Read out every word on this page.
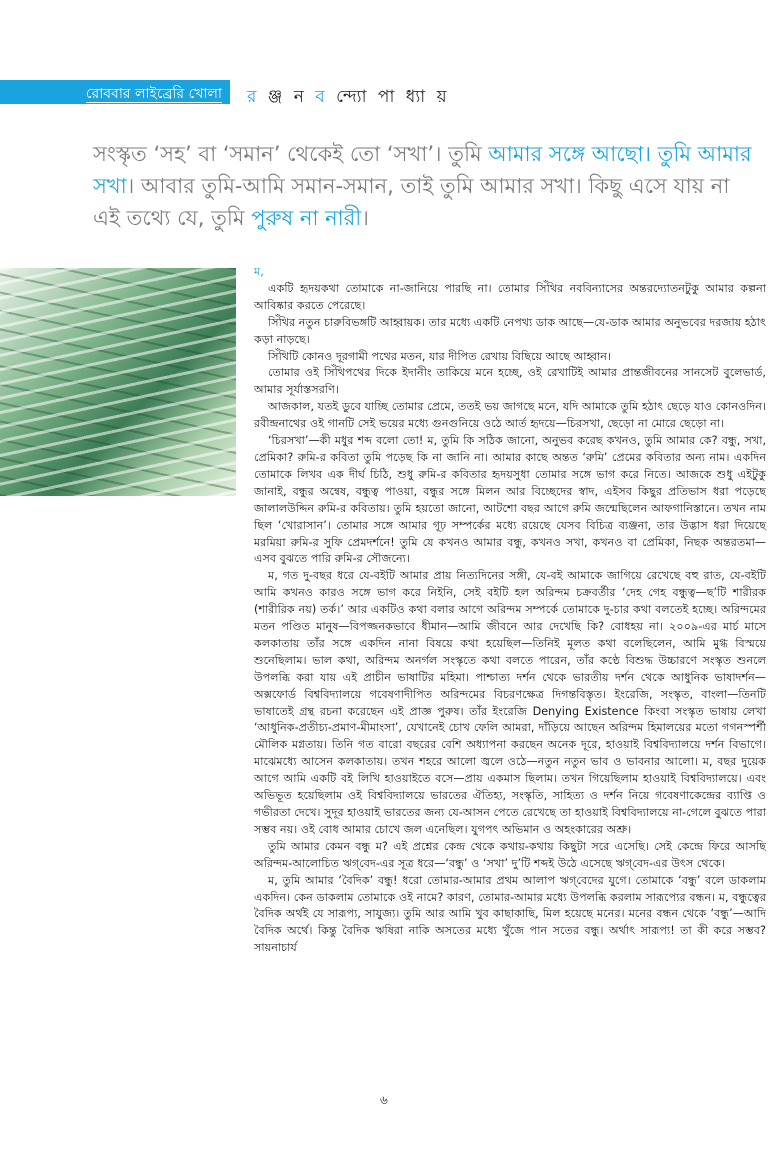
রোববার লাইব্রেরি খোলা র ঞ্জ ন ব ন্দ্যো পা ধ্যা য়
সংস্কৃত ‘সহ’ বা ‘সমান’ থেকেই তো ‘সখা’। তুমি আমার সঙ্গে আছো। তুমি আমার সখা। আবার তুমি-আমি সমান-সমান, তাই তুমি আমার সখা। কিছু এসে যায় না এই তথ্যে যে, তুমি পুরুষ না নারী।

ম,

একটি হৃদয়কথা তোমাকে না-জানিয়ে পারছি না। তোমার সিঁথির নববিন্যাসের অন্তরদ্যোতনটুকু আমার কল্পনা আবিষ্কার করতে পেরেছে।

সিঁথির নতুন চারুবিভঙ্গটি আহ্বায়ক। তার মধ্যে একটি নেপথ্য ডাক আছে—যে-ডাক আমার অনুভবের দরজায় হঠাৎ কড়া নাড়ছে।

সিঁথিটি কোনও দূরগামী পথের মতন, যার দীপিত রেখায় বিছিয়ে আছে আহ্বান।

তোমার ওই সিঁথিপথের দিকে ইদানীং তাকিয়ে মনে হচ্ছে, ওই রেখাটিই আমার প্রান্তজীবনের সানসেট বুলেভার্ড, আমার সূর্যাস্তসরণি।

আজকাল, যতই ডুবে যাচ্ছি তোমার প্রেমে, ততই ভয় জাগছে মনে, যদি আমাকে তুমি হঠাৎ ছেড়ে যাও কোনওদিন। রবীন্দ্রনাথের ওই গানটি সেই ভয়ের মধ্যে গুনগুনিয়ে ওঠে আর্ত হৃদয়ে—চিরসখা, ছেড়ো না মোরে ছেড়ো না।

‘চিরসখা’—কী মধুর শব্দ বলো তো! ম, তুমি কি সঠিক জানো, অনুভব করেছ কখনও, তুমি আমার কে? বন্ধু, সখা, প্রেমিকা? রুমি-র কবিতা তুমি পড়েছ কি না জানি না। আমার কাছে অন্তত ‘রুমি’ প্রেমের কবিতার অন্য নাম। একদিন তোমাকে লিখব এক দীর্ঘ চিঠি, শুধু রুমি-র কবিতার হৃদয়সুধা তোমার সঙ্গে ভাগ করে নিতে। আজকে শুধু এইটুকু জানাই, বন্ধুর অন্বেষ, বন্ধুত্ব পাওয়া, বন্ধুর সঙ্গে মিলন আর বিচ্ছেদের স্বাদ, এইসব কিছুর প্রতিভাস ধরা পড়েছে জালালউদ্দিন রুমি-র কবিতায়। তুমি হয়তো জানো, আটশো বছর আগে রুমি জন্মেছিলেন আফগানিস্তানে। তখন নাম ছিল ‘খোরাসান’। তোমার সঙ্গে আমার গূঢ় সম্পর্কের মধ্যে রয়েছে যেসব বিচিত্র ব্যঞ্জনা, তার উদ্ভাস ধরা দিয়েছে মরমিয়া রুমি-র সুফি প্রেমদর্শনে! তুমি যে কখনও আমার বন্ধু, কখনও সখা, কখনও বা প্রেমিকা, নিছক অন্তরতমা—এসব বুঝতে পারি রুমি-র সৌজন্যে।

ম, গত দু-বছর ধরে যে-বইটি আমার প্রায় নিত্যদিনের সঙ্গী, যে-বই আমাকে জাগিয়ে রেখেছে বহু রাত, যে-বইটি আমি কখনও কারও সঙ্গে ভাগ করে নিইনি, সেই বইটি হল অরিন্দম চক্রবর্তীর ‘দেহ গেহ বন্ধুত্ব—ছ’টি শারীরক (শারীরিক নয়) তর্ক।’ আর একটিও কথা বলার আগে অরিন্দম সম্পর্কে তোমাকে দু-চার কথা বলতেই হচ্ছে। অরিন্দমের মতন পণ্ডিত মানুষ—বিপজ্জনকভাবে ধীমান—আমি জীবনে আর দেখেছি কি? বোধহয় না। ২০০৯-এর মার্চ মাসে কলকাতায় তাঁর সঙ্গে একদিন নানা বিষয়ে কথা হয়েছিল—তিনিই মূলত কথা বলেছিলেন, আমি মুগ্ধ বিস্ময়ে শুনেছিলাম। ভাল কথা, অরিন্দম অনর্গল সংস্কৃতে কথা বলতে পারেন, তাঁর কণ্ঠে বিশুদ্ধ উচ্চারণে সংস্কৃত শুনলে উপলব্ধি করা যায় এই প্রাচীন ভাষাটির মহিমা। পাশ্চাত্য দর্শন থেকে ভারতীয় দর্শন থেকে আধুনিক ভাষাদর্শন—অক্সফোর্ড বিশ্ববিদ্যালয়ে গবেষণাদীপিত অরিন্দমের বিচরণক্ষেত্র দিগন্তবিস্তৃত। ইংরেজি, সংস্কৃত, বাংলা—তিনটি ভাষাতেই গ্রন্থ রচনা করেছেন এই প্রাজ্ঞ পুরুষ। তাঁর ইংরেজি Denying Existence কিংবা সংস্কৃত ভাষায় লেখা ‘আধুনিক-প্রতীচ্য-প্রমাণ-মীমাংসা’, যেখানেই চোখ ফেলি আমরা, দাঁড়িয়ে আছেন অরিন্দম হিমালয়ের মতো গগনস্পর্শী মৌলিক মগ্নতায়। তিনি গত বারো বছরের বেশি অধ্যাপনা করছেন অনেক দূরে, হাওয়াই বিশ্ববিদ্যালয়ে দর্শন বিভাগে। মাঝেমধ্যে আসেন কলকাতায়। তখন শহরে আলো জ্বলে ওঠে—নতুন নতুন ভাব ও ভাবনার আলো। ম, বছর দুয়েক আগে আমি একটি বই লিখি হাওয়াইতে বসে—প্রায় একমাস ছিলাম। তখন গিয়েছিলাম হাওয়াই বিশ্ববিদ্যালয়ে। এবং অভিভূত হয়েছিলাম ওই বিশ্ববিদ্যালয়ে ভারতের ঐতিহ্য, সংস্কৃতি, সাহিত্য ও দর্শন নিয়ে গবেষণাকেন্দ্রের ব্যাপ্তি ও গভীরতা দেখে। সুদূর হাওয়াই ভারতের জন্য যে-আসন পেতে রেখেছে তা হাওয়াই বিশ্ববিদ্যালয়ে না-গেলে বুঝতে পারা সম্ভব নয়। ওই বোধ আমার চোখে জল এনেছিল। যুগপৎ অভিমান ও অহংকারের অশ্রু।

তুমি আমার কেমন বন্ধু ম? এই প্রশ্নের কেন্দ্র থেকে কথায়-কথায় কিছুটা সরে এসেছি। সেই কেন্দ্রে ফিরে আসছি অরিন্দম-আলোচিত ঋগ্‌বেদ-এর সূত্র ধরে—‘বন্ধু’ ও ‘সখা’ দু’টি শব্দই উঠে এসেছে ঋগ্‌বেদ-এর উৎস থেকে।

ম, তুমি আমার ‘বৈদিক’ বন্ধু! ধরো তোমার-আমার প্রথম আলাপ ঋগ্‌বেদের যুগে। তোমাকে ‘বন্ধু’ বলে ডাকলাম একদিন। কেন ডাকলাম তোমাকে ওই নামে? কারণ, তোমার-আমার মধ্যে উপলব্ধি করলাম সারূপ্যের বন্ধন। ম, বন্ধুত্বের বৈদিক অর্থই যে সারূপ্য, সাযুজ্য। তুমি আর আমি খুব কাছাকাছি, মিল হয়েছে মনের। মনের বন্ধন থেকে ‘বন্ধু’—আদি বৈদিক অর্থে। কিন্তু বৈদিক ঋষিরা নাকি অসতের মধ্যে খুঁজে পান সতের বন্ধু। অর্থাৎ সারূপ্য! তা কী করে সম্ভব? সায়নাচার্য

৬
